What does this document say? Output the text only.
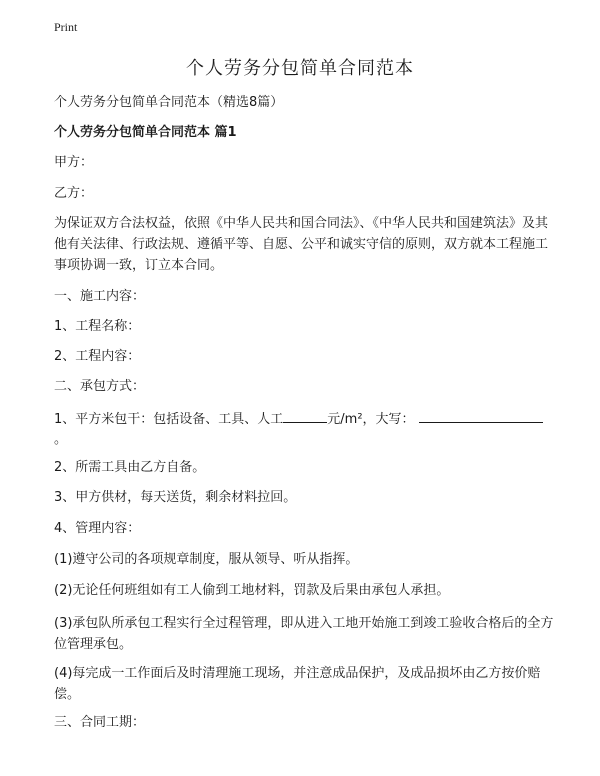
Print
个人劳务分包简单合同范本
个人劳务分包简单合同范本（精选8篇）
个人劳务分包简单合同范本 篇1
甲方：
乙方：
为保证双方合法权益，依照《中华人民共和国合同法》、《中华人民共和国建筑法》及其他有关法律、行政法规、遵循平等、自愿、公平和诚实守信的原则，双方就本工程施工事项协调一致，订立本合同。
一、施工内容：
1、工程名称：
2、工程内容：
二、承包方式：
1、平方米包干：包括设备、工具、人工	元/m²，大写：
。
2、所需工具由乙方自备。
3、甲方供材，每天送货，剩余材料拉回。
4、管理内容：
(1)遵守公司的各项规章制度，服从领导、听从指挥。
(2)无论任何班组如有工人偷到工地材料，罚款及后果由承包人承担。
(3)承包队所承包工程实行全过程管理，即从进入工地开始施工到竣工验收合格后的全方位管理承包。
(4)每完成一工作面后及时清理施工现场，并注意成品保护，及成品损坏由乙方按价赔偿。
三、合同工期：
